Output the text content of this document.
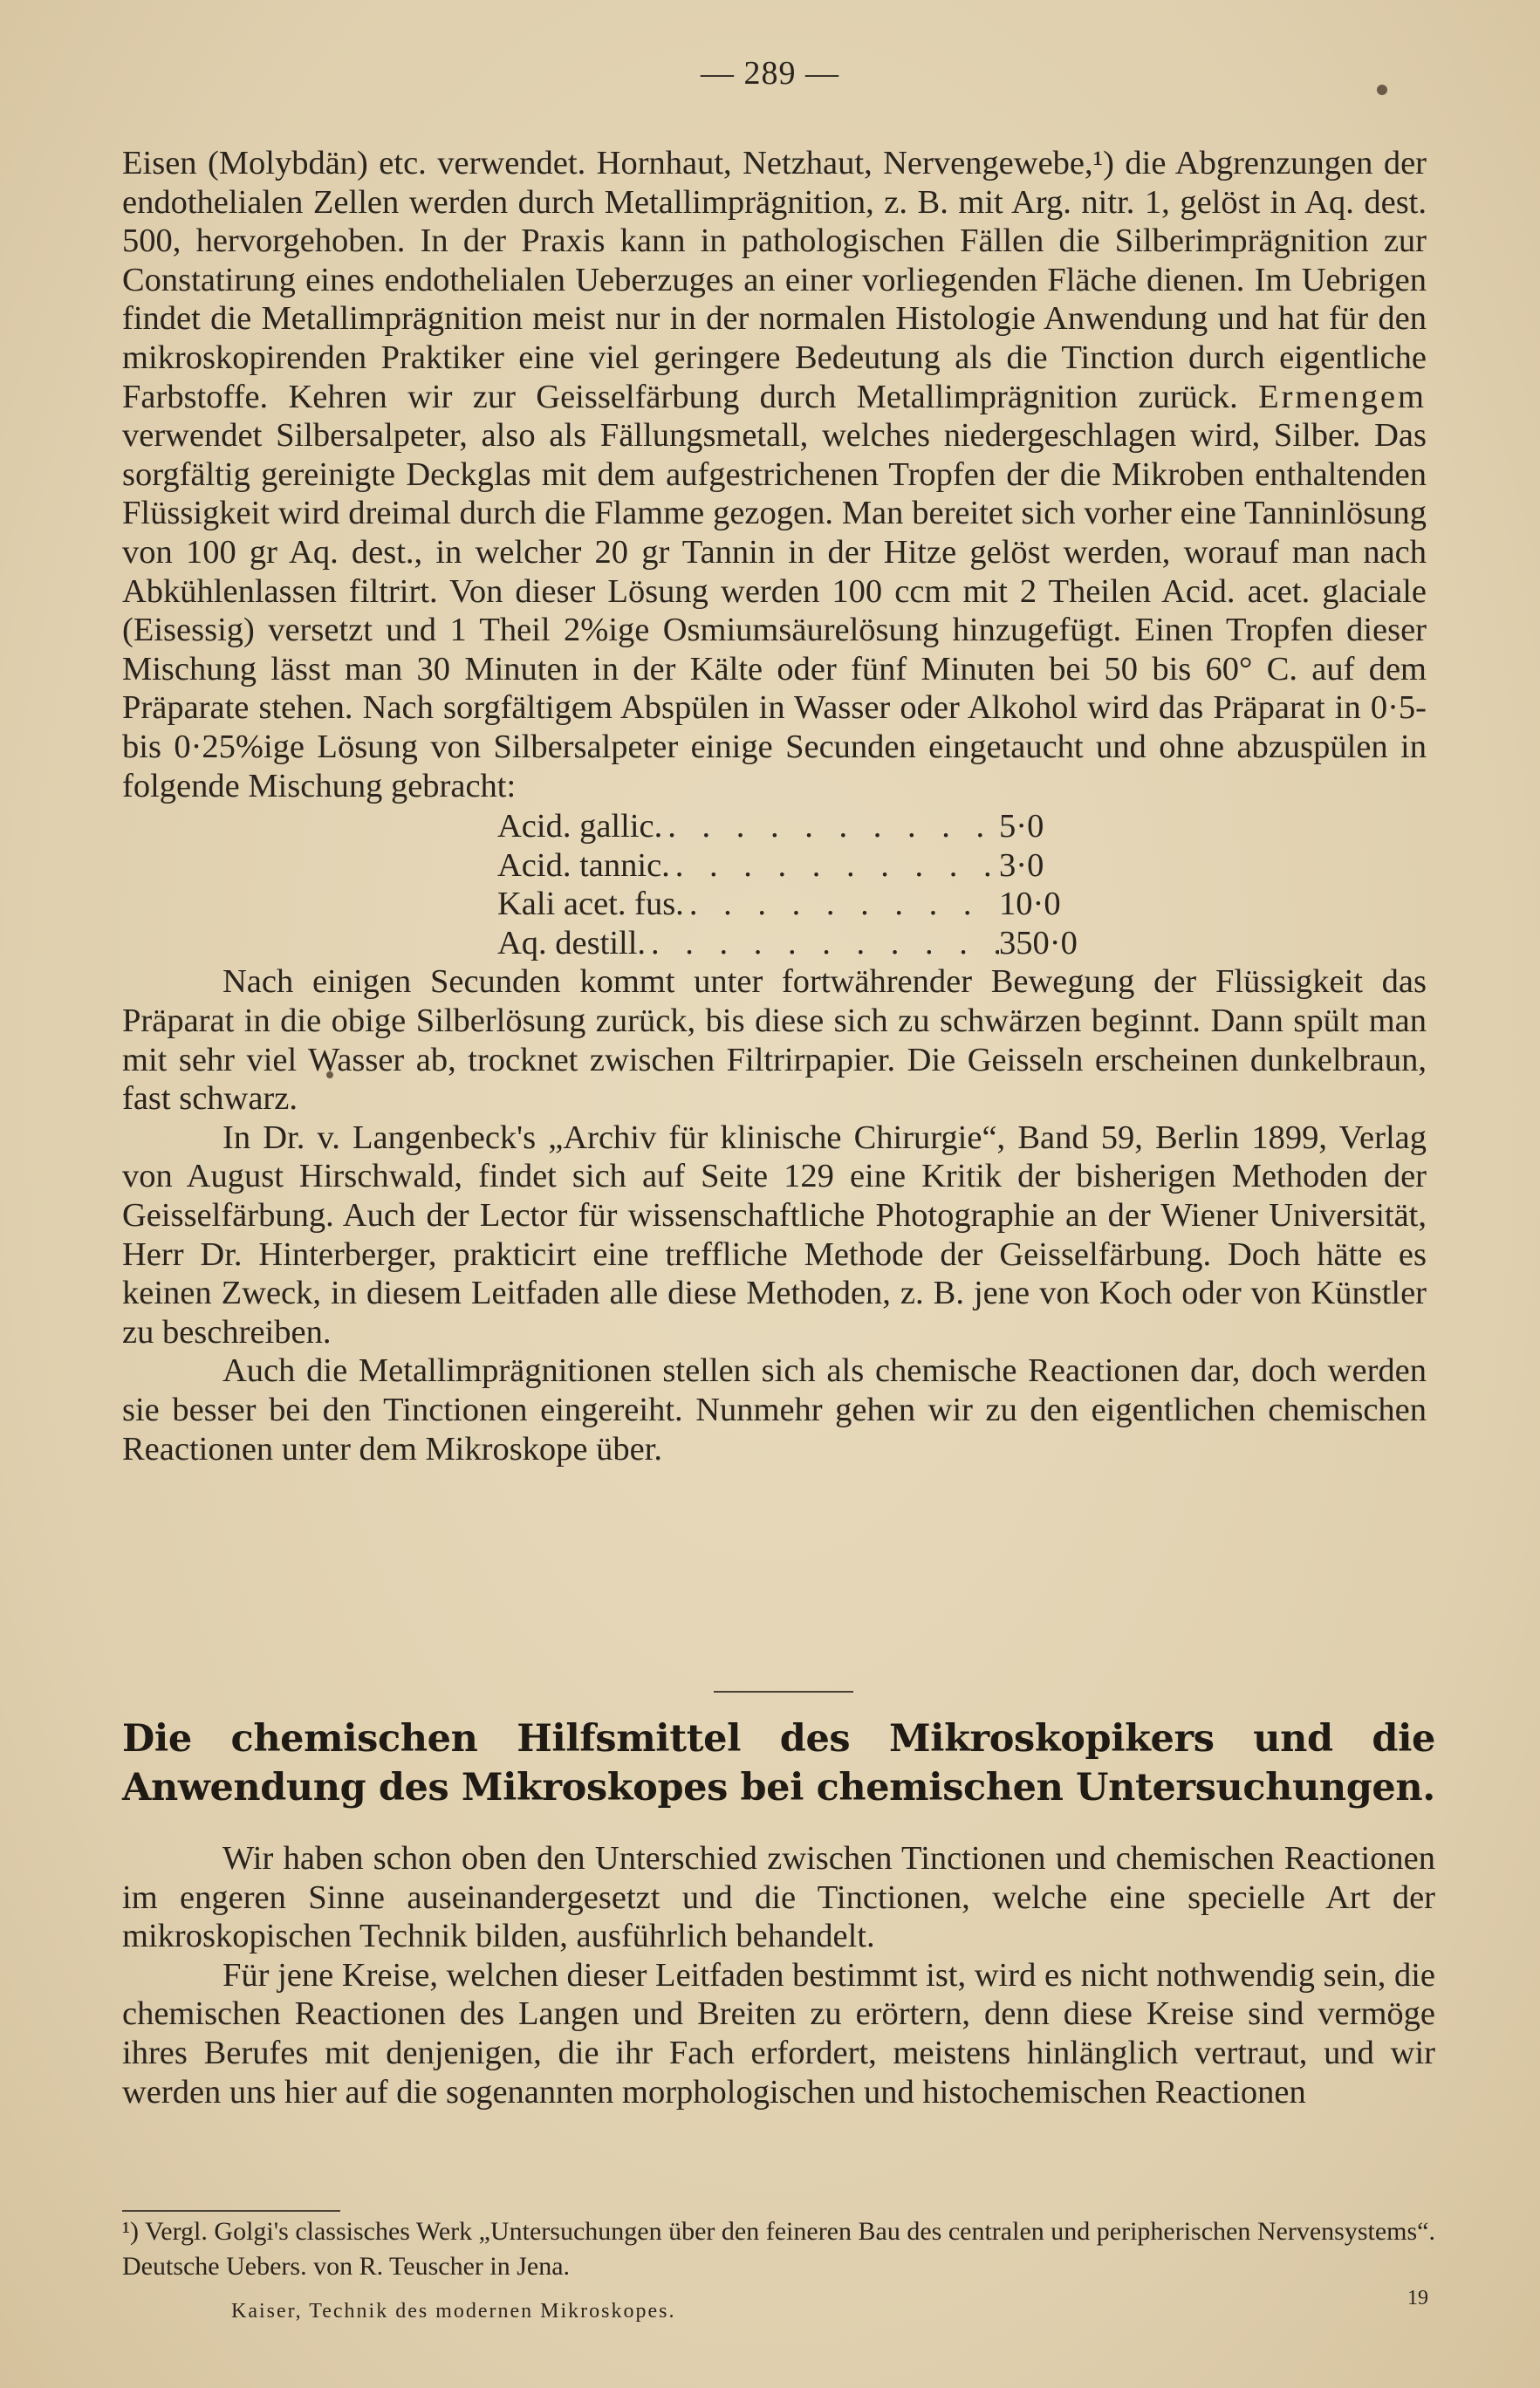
— 289 —

Eisen (Molybdän) etc. verwendet. Hornhaut, Netzhaut, Nervengewebe,¹) die Abgrenzungen der endothelialen Zellen werden durch Metallimprägnition, z. B. mit Arg. nitr. 1, gelöst in Aq. dest. 500, hervorgehoben. In der Praxis kann in pathologischen Fällen die Silberimprägnition zur Constatirung eines endothelialen Ueberzuges an einer vorliegenden Fläche dienen. Im Uebrigen findet die Metallimprägnition meist nur in der normalen Histologie Anwendung und hat für den mikroskopirenden Praktiker eine viel geringere Bedeutung als die Tinction durch eigentliche Farbstoffe. Kehren wir zur Geisselfärbung durch Metallimprägnition zurück. Ermengem verwendet Silbersalpeter, also als Fällungsmetall, welches niedergeschlagen wird, Silber. Das sorgfältig gereinigte Deckglas mit dem aufgestrichenen Tropfen der die Mikroben enthaltenden Flüssigkeit wird dreimal durch die Flamme gezogen. Man bereitet sich vorher eine Tanninlösung von 100 gr Aq. dest., in welcher 20 gr Tannin in der Hitze gelöst werden, worauf man nach Abkühlenlassen filtrirt. Von dieser Lösung werden 100 ccm mit 2 Theilen Acid. acet. glaciale (Eisessig) versetzt und 1 Theil 2%ige Osmiumsäurelösung hinzugefügt. Einen Tropfen dieser Mischung lässt man 30 Minuten in der Kälte oder fünf Minuten bei 50 bis 60° C. auf dem Präparate stehen. Nach sorgfältigem Abspülen in Wasser oder Alkohol wird das Präparat in 0·5- bis 0·25%ige Lösung von Silbersalpeter einige Secunden eingetaucht und ohne abzuspülen in folgende Mischung gebracht:

Acid. gallic. . . .	5·0
Acid. tannic. . . .	3·0
Kali acet. fus. . . .	10·0
Aq. destill. . . .	350·0

Nach einigen Secunden kommt unter fortwährender Bewegung der Flüssigkeit das Präparat in die obige Silberlösung zurück, bis diese sich zu schwärzen beginnt. Dann spült man mit sehr viel Wasser ab, trocknet zwischen Filtrirpapier. Die Geisseln erscheinen dunkelbraun, fast schwarz.

In Dr. v. Langenbeck's „Archiv für klinische Chirurgie“, Band 59, Berlin 1899, Verlag von August Hirschwald, findet sich auf Seite 129 eine Kritik der bisherigen Methoden der Geisselfärbung. Auch der Lector für wissenschaftliche Photographie an der Wiener Universität, Herr Dr. Hinterberger, prakticirt eine treffliche Methode der Geisselfärbung. Doch hätte es keinen Zweck, in diesem Leitfaden alle diese Methoden, z. B. jene von Koch oder von Künstler zu beschreiben.

Auch die Metallimprägnitionen stellen sich als chemische Reactionen dar, doch werden sie besser bei den Tinctionen eingereiht. Nunmehr gehen wir zu den eigentlichen chemischen Reactionen unter dem Mikroskope über.

Die chemischen Hilfsmittel des Mikroskopikers und die Anwendung des Mikroskopes bei chemischen Untersuchungen.

Wir haben schon oben den Unterschied zwischen Tinctionen und chemischen Reactionen im engeren Sinne auseinandergesetzt und die Tinctionen, welche eine specielle Art der mikroskopischen Technik bilden, ausführlich behandelt.

Für jene Kreise, welchen dieser Leitfaden bestimmt ist, wird es nicht nothwendig sein, die chemischen Reactionen des Langen und Breiten zu erörtern, denn diese Kreise sind vermöge ihres Berufes mit denjenigen, die ihr Fach erfordert, meistens hinlänglich vertraut, und wir werden uns hier auf die sogenannten morphologischen und histochemischen Reactionen

¹) Vergl. Golgi's classisches Werk „Untersuchungen über den feineren Bau des centralen und peripherischen Nervensystems“. Deutsche Uebers. von R. Teuscher in Jena.

19
Kaiser, Technik des modernen Mikroskopes.
